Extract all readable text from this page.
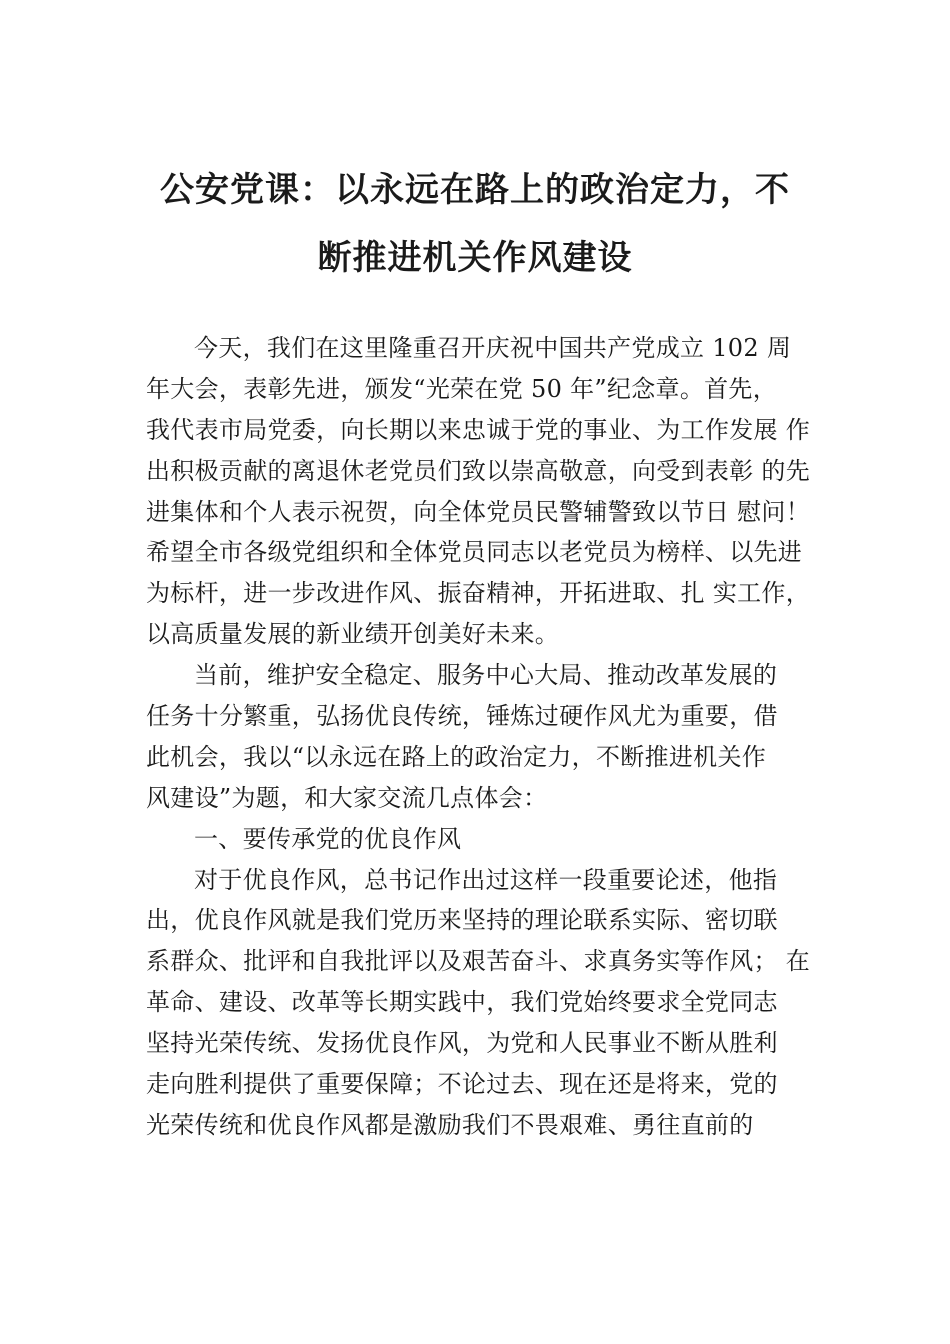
公安党课：以永远在路上的政治定力，不
断推进机关作风建设
今天，我们在这里隆重召开庆祝中国共产党成立 102 周
年大会，表彰先进，颁发“光荣在党 50 年”纪念章。首先，
我代表市局党委，向长期以来忠诚于党的事业、为工作发展 作
出积极贡献的离退休老党员们致以崇高敬意，向受到表彰 的先
进集体和个人表示祝贺，向全体党员民警辅警致以节日 慰问！
希望全市各级党组织和全体党员同志以老党员为榜样、以先进
为标杆，进一步改进作风、振奋精神，开拓进取、扎 实工作，
以高质量发展的新业绩开创美好未来。
当前，维护安全稳定、服务中心大局、推动改革发展的
任务十分繁重，弘扬优良传统，锤炼过硬作风尤为重要，借
此机会，我以“以永远在路上的政治定力，不断推进机关作
风建设”为题，和大家交流几点体会：
一、要传承党的优良作风
对于优良作风，总书记作出过这样一段重要论述，他指
出，优良作风就是我们党历来坚持的理论联系实际、密切联
系群众、批评和自我批评以及艰苦奋斗、求真务实等作风； 在
革命、建设、改革等长期实践中，我们党始终要求全党同志
坚持光荣传统、发扬优良作风，为党和人民事业不断从胜利
走向胜利提供了重要保障；不论过去、现在还是将来，党的
光荣传统和优良作风都是激励我们不畏艰难、勇往直前的
